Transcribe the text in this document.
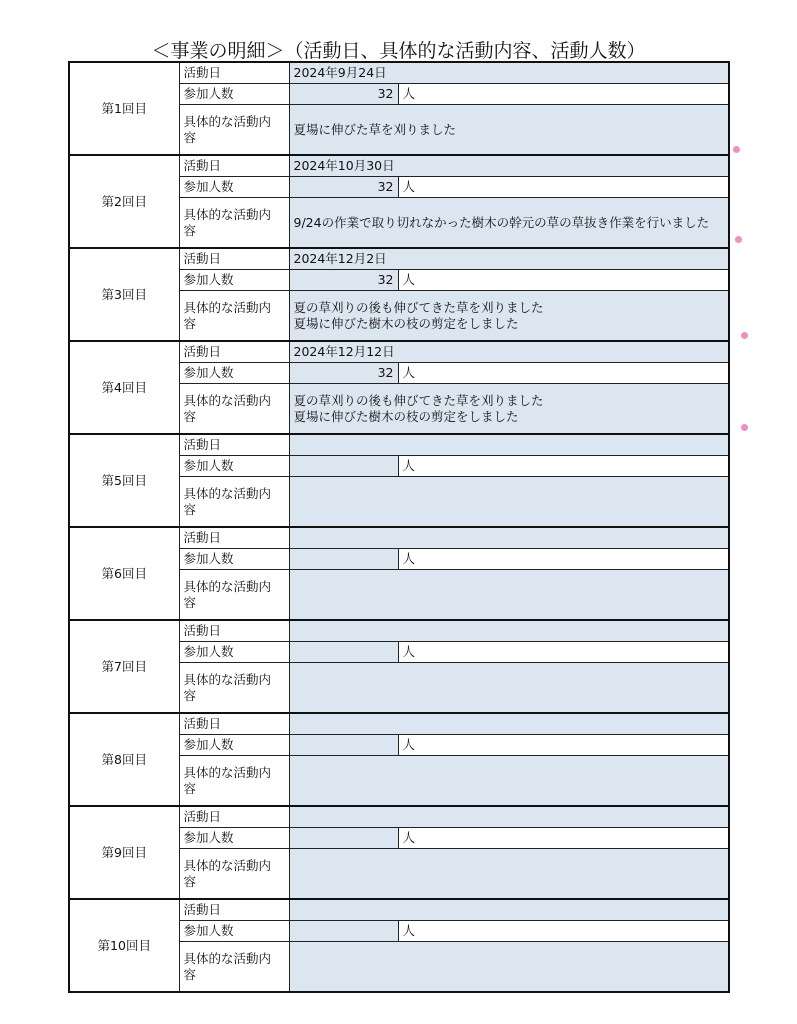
＜事業の明細＞（活動日、具体的な活動内容、活動人数）
第1回目	活動日	2024年9月24日	
	参加人数	32	人

	具体的な活動内
容	夏場に伸びた草を刈りました	

第2回目	活動日	2024年10月30日	
	参加人数	32	人

	具体的な活動内
容	9/24の作業で取り切れなかった樹木の幹元の草の草抜き作業を行いました	

第3回目	活動日	2024年12月2日	
	参加人数	32	人

	具体的な活動内
容	夏の草刈りの後も伸びてきた草を刈りました
夏場に伸びた樹木の枝の剪定をしました	

第4回目	活動日	2024年12月12日	
	参加人数	32	人

	具体的な活動内
容	夏の草刈りの後も伸びてきた草を刈りました
夏場に伸びた樹木の枝の剪定をしました	

第5回目	活動日		
	参加人数		人

	具体的な活動内
容		

第6回目	活動日		
	参加人数		人

	具体的な活動内
容		

第7回目	活動日		
	参加人数		人

	具体的な活動内
容		

第8回目	活動日		
	参加人数		人

	具体的な活動内
容		

第9回目	活動日		
	参加人数		人

	具体的な活動内
容		

第10回目	活動日		
	参加人数		人

	具体的な活動内
容		
